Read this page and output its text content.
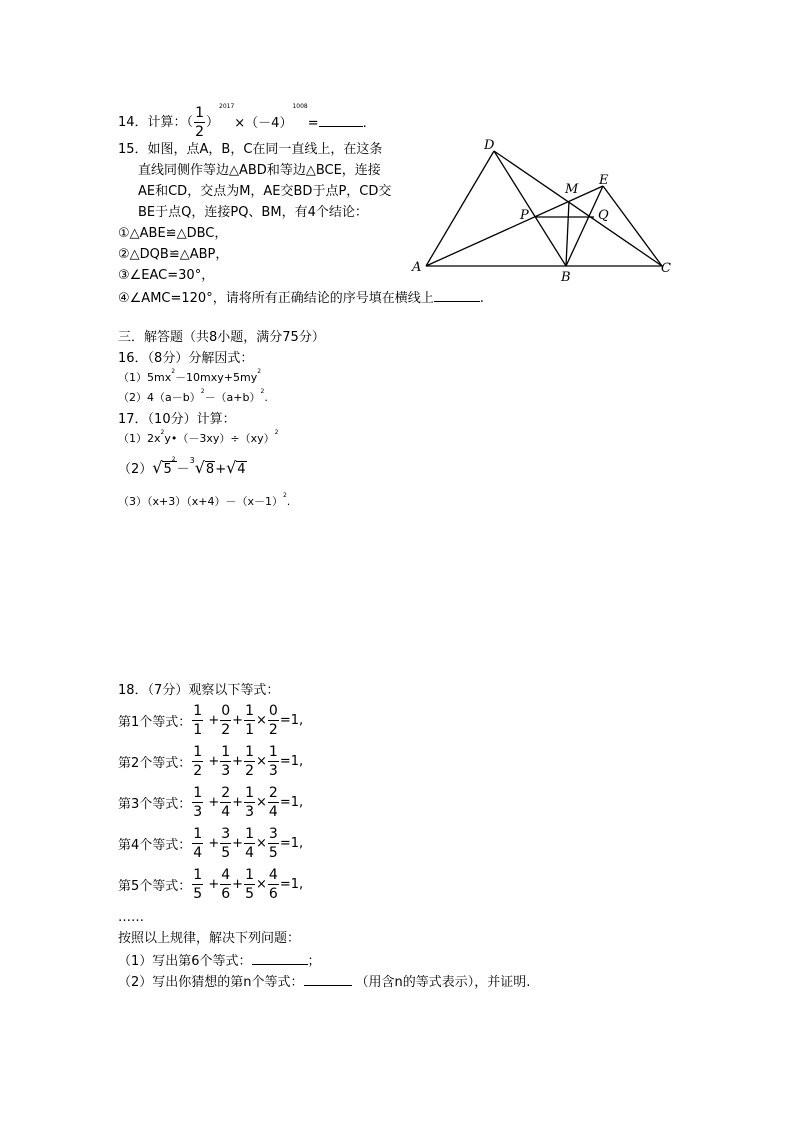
14．计算：（ $\frac{1}{2} )^{2017}\times(-4)^{1008}=$	.
15．如图，点A，B，C在同一直线上，在这条
直线同侧作等边△ABD和等边△BCE，连接
AE和CD，交点为M，AE交BD于点P，CD交
BE于点Q，连接PQ、BM，有4个结论：
①△ABE≌△DBC，
②△DQB≌△ABP，
③∠EAC=30°，
④∠AMC=120°，请将所有正确结论的序号填在横线上	.
D
E
M
P	Q
A
B
C
三．解答题（共8小题，满分75分）
16．（8分）分解因式：
$(1)5mx^2-10mxy+5my^2$
$(2)4(a-b)^2-(a+b)^2$.
17．（10分）计算：
$(1)2x^2y•(-3xy)\div(xy)^2$
$(2)√5^2-^3√8+√4$
$(3)(x+3)(x+4)-(x-1)^2$.
18．（7分）观察以下等式：
第1个等式： $\frac{1}{1} + \frac{0}{2} + \frac{1}{1} \times \frac{0}{2} =1$,
第2个等式： $\frac{1}{2} + \frac{1}{3} + \frac{1}{2} \times \frac{1}{3} =1$,
第3个等式： $\frac{1}{3} + \frac{2}{4} + \frac{1}{3} \times \frac{2}{4} =1$,
第4个等式： $\frac{1}{4} + \frac{3}{5} + \frac{1}{4} \times \frac{3}{5} =1$,
第5个等式： $\frac{1}{5} + \frac{4}{6} + \frac{1}{5} \times \frac{4}{6} =1$,
……
按照以上规律，解决下列问题：
（1）写出第6个等式：	；
（2）写出你猜想的第n个等式：	（用含n的等式表示），并证明.
